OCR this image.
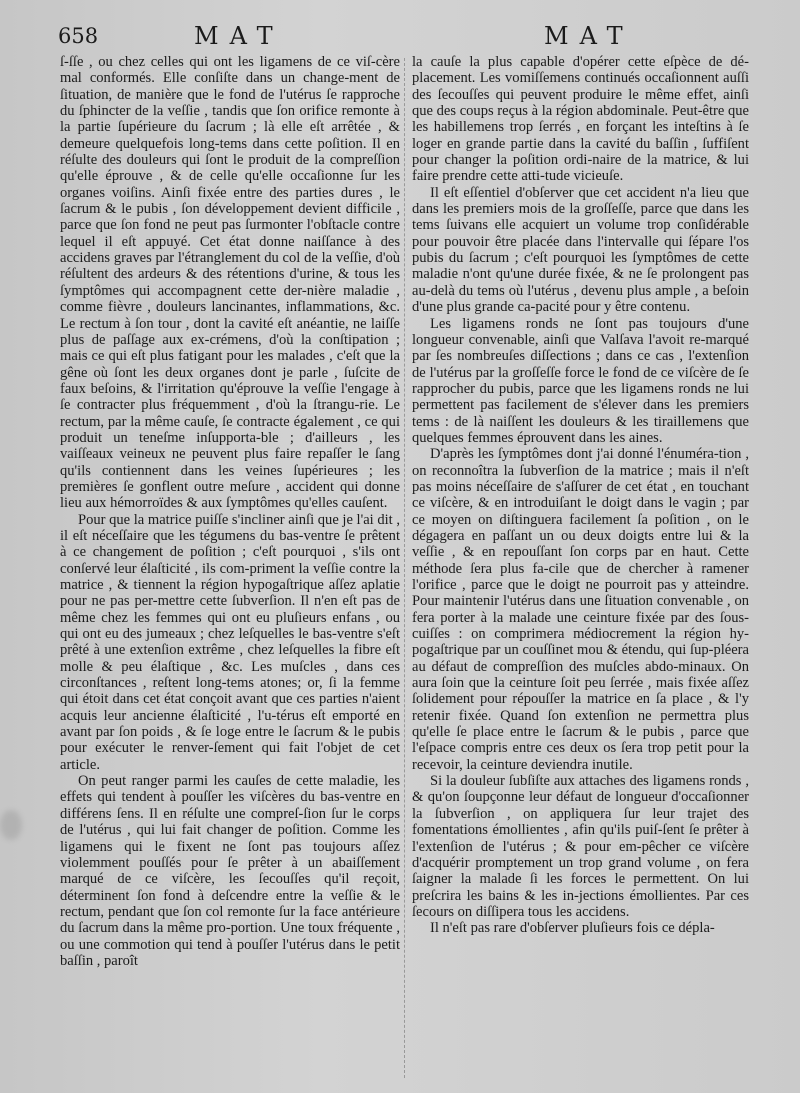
658	MAT	MAT

ſ-ſſe , ou chez celles qui ont les ligamens de ce viſ-cère mal conformés. Elle conſiſte dans un change-ment de ſituation, de manière que le fond de l'utérus ſe rapproche du ſphincter de la veſſie , tandis que ſon orifice remonte à la partie ſupérieure du ſacrum ; là elle eſt arrêtée , & demeure quelquefois long-tems dans cette poſition. Il en réſulte des douleurs qui ſont le produit de la compreſſion qu'elle éprouve , & de celle qu'elle occaſionne ſur les organes voiſins. Ainſi fixée entre des parties dures , le ſacrum & le pubis , ſon développement devient difficile , parce que ſon fond ne peut pas ſurmonter l'obſtacle contre lequel il eſt appuyé. Cet état donne naiſſance à des accidens graves par l'étranglement du col de la veſſie, d'où réſultent des ardeurs & des rétentions d'urine, & tous les ſymptômes qui accompagnent cette der-nière maladie , comme fièvre , douleurs lancinantes, inflammations, &c. Le rectum à ſon tour , dont la cavité eſt anéantie, ne laiſſe plus de paſſage aux ex-crémens, d'où la conſtipation ; mais ce qui eſt plus fatigant pour les malades , c'eſt que la gêne où ſont les deux organes dont je parle , ſuſcite de faux beſoins, & l'irritation qu'éprouve la veſſie l'engage à ſe contracter plus fréquemment , d'où la ſtrangu-rie. Le rectum, par la même cauſe, ſe contracte également , ce qui produit un teneſme inſupporta-ble ; d'ailleurs , les vaiſſeaux veineux ne peuvent plus faire repaſſer le ſang qu'ils contiennent dans les veines ſupérieures ; les premières ſe gonflent outre meſure , accident qui donne lieu aux hémorroïdes & aux ſymptômes qu'elles cauſent.

Pour que la matrice puiſſe s'incliner ainſi que je l'ai dit , il eſt néceſſaire que les tégumens du bas-ventre ſe prêtent à ce changement de poſition ; c'eſt pourquoi , s'ils ont conſervé leur élaſticité , ils com-priment la veſſie contre la matrice , & tiennent la région hypogaſtrique aſſez aplatie pour ne pas per-mettre cette ſubverſion. Il n'en eſt pas de même chez les femmes qui ont eu pluſieurs enfans , ou qui ont eu des jumeaux ; chez leſquelles le bas-ventre s'eſt prêté à une extenſion extrême , chez leſquelles la fibre eſt molle & peu élaſtique , &c. Les muſcles , dans ces circonſtances , reſtent long-tems atones; or, ſi la femme qui étoit dans cet état conçoit avant que ces parties n'aient acquis leur ancienne élaſticité , l'u-térus eſt emporté en avant par ſon poids , & ſe loge entre le ſacrum & le pubis pour exécuter le renver-ſement qui fait l'objet de cet article.

On peut ranger parmi les cauſes de cette maladie, les effets qui tendent à pouſſer les viſcères du bas-ventre en différens ſens. Il en réſulte une compreſ-ſion ſur le corps de l'utérus , qui lui fait changer de poſition. Comme les ligamens qui le fixent ne ſont pas toujours aſſez violemment pouſſés pour ſe prêter à un abaiſſement marqué de ce viſcère, les ſecouſſes qu'il reçoit, déterminent ſon fond à deſcendre entre la veſſie & le rectum, pendant que ſon col remonte ſur la face antérieure du ſacrum dans la même pro-portion. Une toux fréquente , ou une commotion qui tend à pouſſer l'utérus dans le petit baſſin , paroît

la cauſe la plus capable d'opérer cette eſpèce de dé-placement. Les vomiſſemens continués occaſionnent auſſi des ſecouſſes qui peuvent produire le même effet, ainſi que des coups reçus à la région abdominale. Peut-être que les habillemens trop ſerrés , en forçant les inteſtins à ſe loger en grande partie dans la cavité du baſſin , ſuffiſent pour changer la poſition ordi-naire de la matrice, & lui faire prendre cette atti-tude vicieuſe.

Il eſt eſſentiel d'obſerver que cet accident n'a lieu que dans les premiers mois de la groſſeſſe, parce que dans les tems ſuivans elle acquiert un volume trop conſidérable pour pouvoir être placée dans l'intervalle qui ſépare l'os pubis du ſacrum ; c'eſt pourquoi les ſymptômes de cette maladie n'ont qu'une durée fixée, & ne ſe prolongent pas au-delà du tems où l'utérus , devenu plus ample , a beſoin d'une plus grande ca-pacité pour y être contenu.

Les ligamens ronds ne ſont pas toujours d'une longueur convenable, ainſi que Valſava l'avoit re-marqué par ſes nombreuſes diſſections ; dans ce cas , l'extenſion de l'utérus par la groſſeſſe force le fond de ce viſcère de ſe rapprocher du pubis, parce que les ligamens ronds ne lui permettent pas facilement de s'élever dans les premiers tems : de là naiſſent les douleurs & les tiraillemens que quelques femmes éprouvent dans les aines.

D'après les ſymptômes dont j'ai donné l'énuméra-tion , on reconnoîtra la ſubverſion de la matrice ; mais il n'eſt pas moins néceſſaire de s'aſſurer de cet état , en touchant ce viſcère, & en introduiſant le doigt dans le vagin ; par ce moyen on diſtinguera facilement ſa poſition , on le dégagera en paſſant un ou deux doigts entre lui & la veſſie , & en repouſſant ſon corps par en haut. Cette méthode ſera plus fa-cile que de chercher à ramener l'orifice , parce que le doigt ne pourroit pas y atteindre. Pour maintenir l'utérus dans une ſituation convenable , on fera porter à la malade une ceinture fixée par des ſous-cuiſſes : on comprimera médiocrement la région hy-pogaſtrique par un couſſinet mou & étendu, qui ſup-pléera au défaut de compreſſion des muſcles abdo-minaux. On aura ſoin que la ceinture ſoit peu ſerrée , mais fixée aſſez ſolidement pour répouſſer la matrice en ſa place , & l'y retenir fixée. Quand ſon extenſion ne permettra plus qu'elle ſe place entre le ſacrum & le pubis , parce que l'eſpace compris entre ces deux os ſera trop petit pour la recevoir, la ceinture deviendra inutile.

Si la douleur ſubſiſte aux attaches des ligamens ronds , & qu'on ſoupçonne leur défaut de longueur d'occaſionner la ſubverſion , on appliquera ſur leur trajet des fomentations émollientes , afin qu'ils puiſ-ſent ſe prêter à l'extenſion de l'utérus ; & pour em-pêcher ce viſcère d'acquérir promptement un trop grand volume , on fera ſaigner la malade ſi les forces le permettent. On lui preſcrira les bains & les in-jections émollientes. Par ces ſecours on diſſipera tous les accidens.

Il n'eſt pas rare d'obſerver pluſieurs fois ce dépla-
